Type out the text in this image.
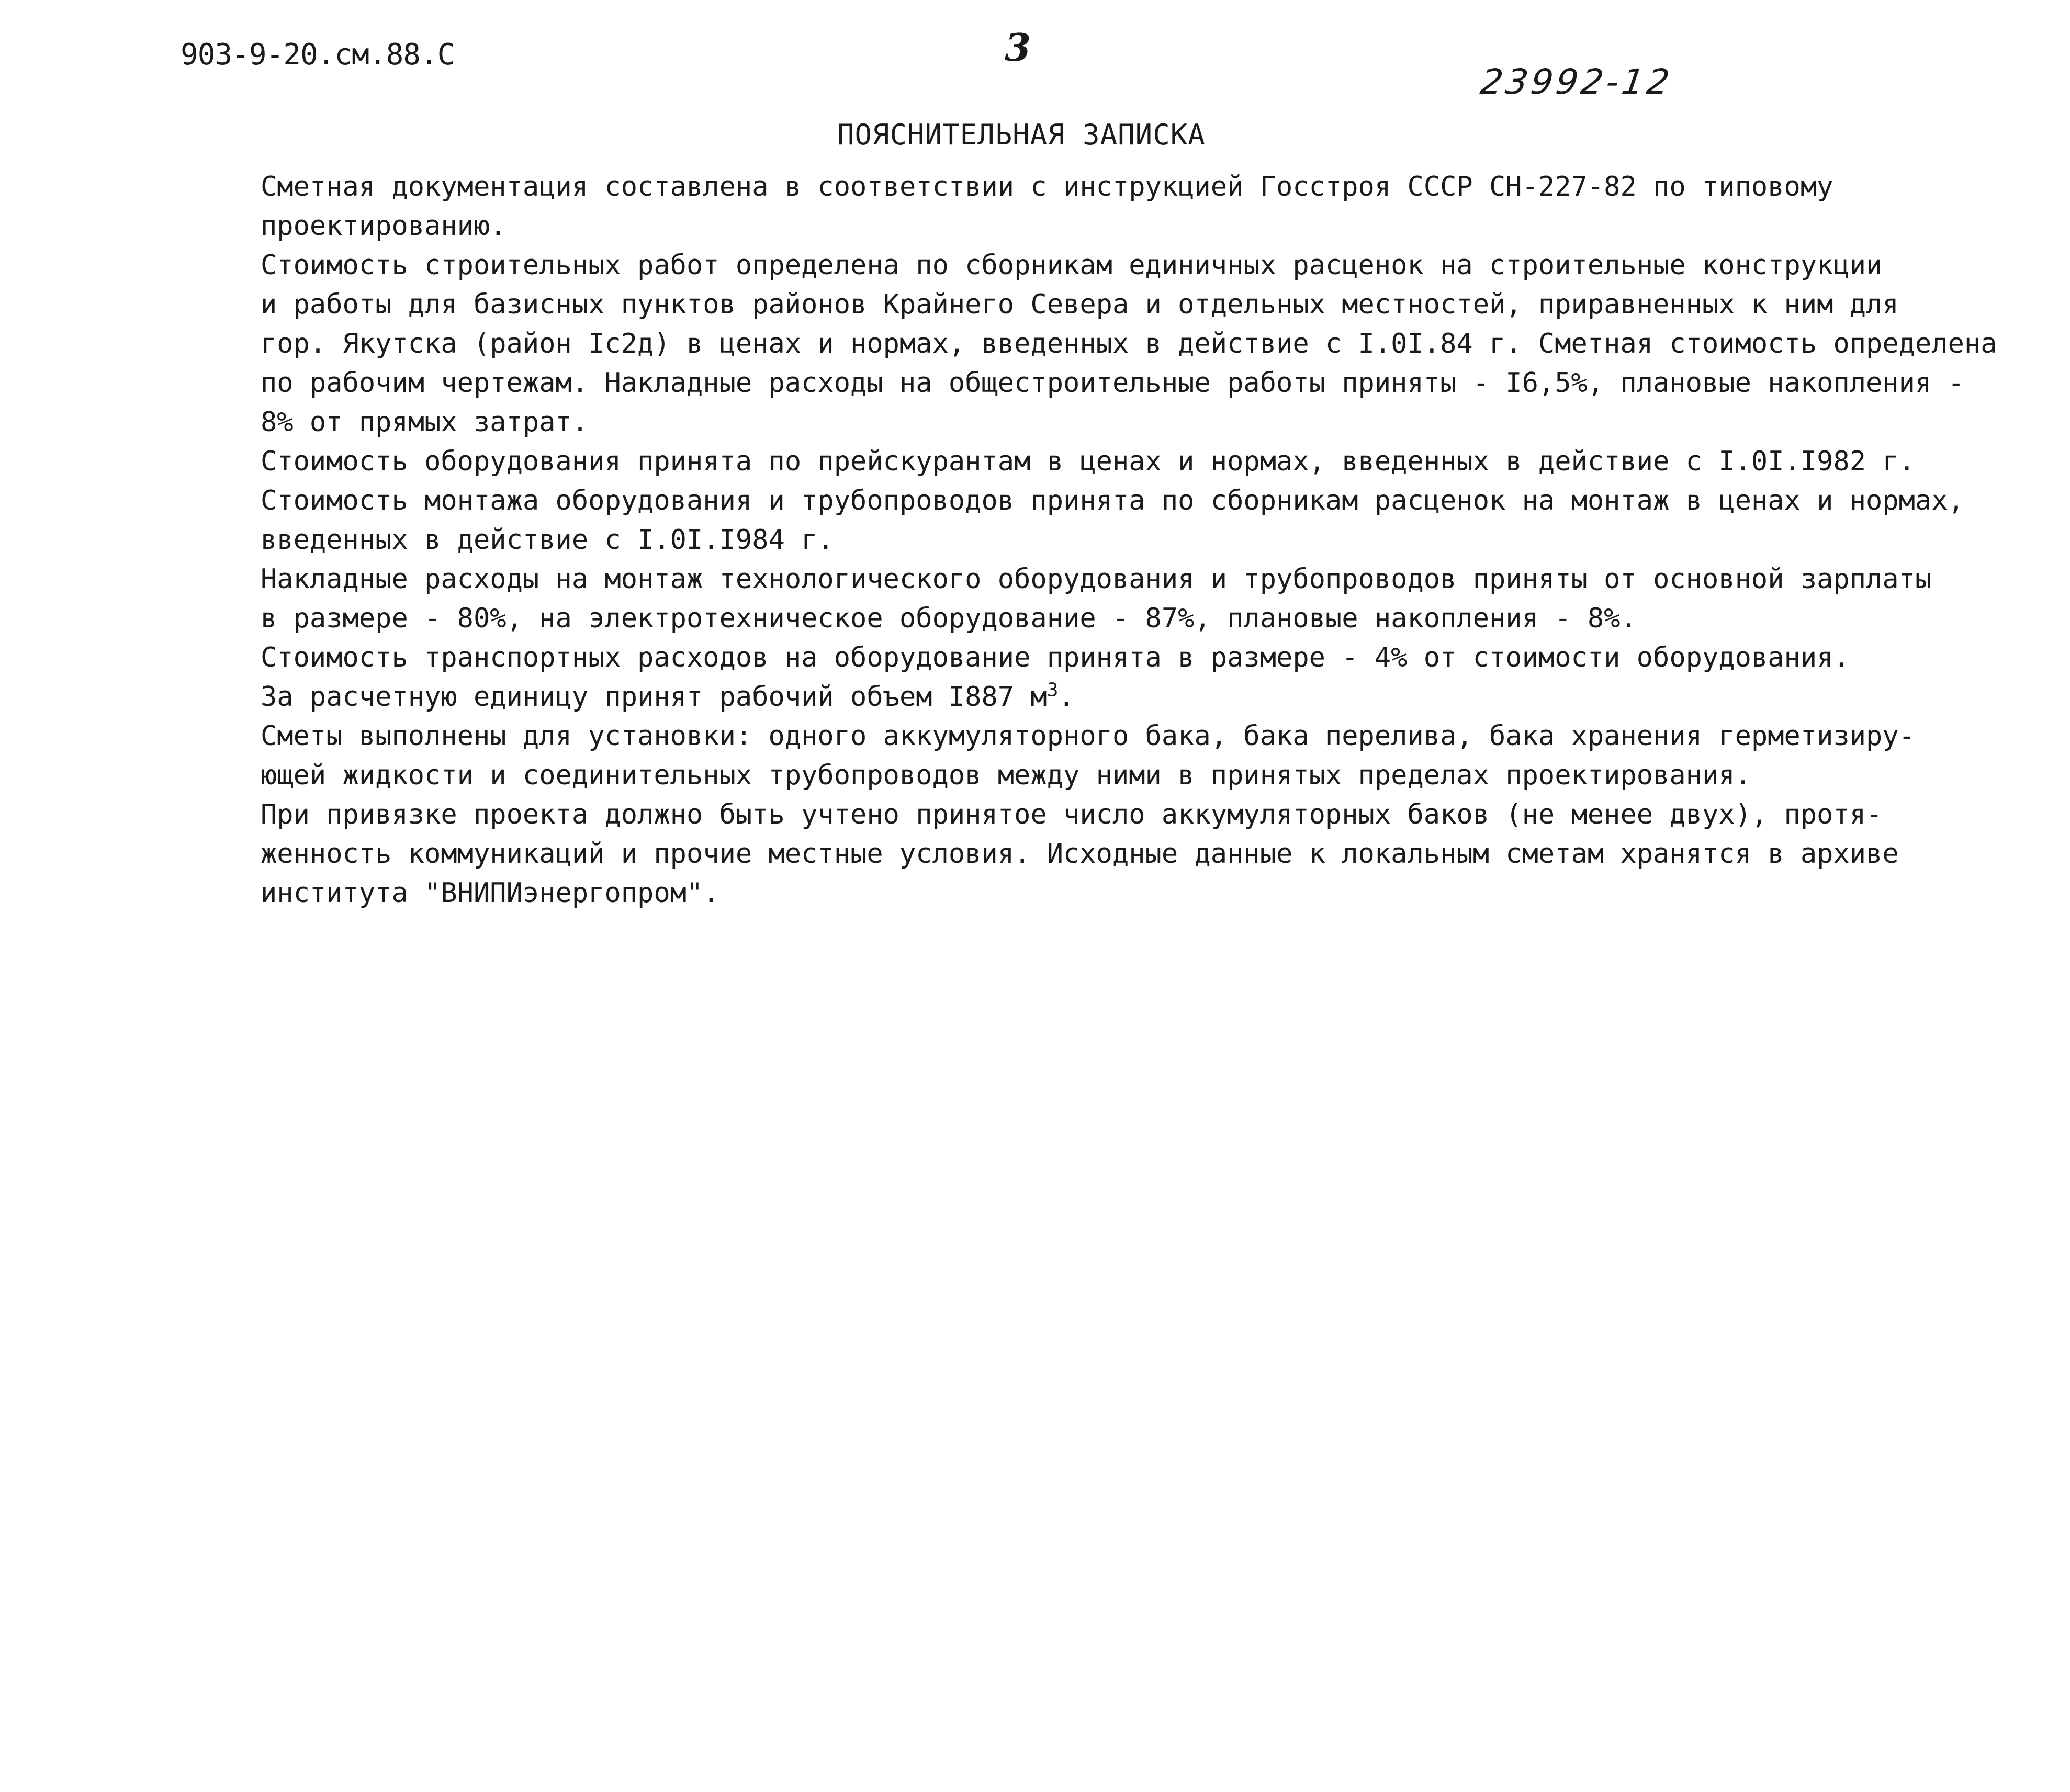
903-9-20.см.88.С	3
23992-12
ПОЯСНИТЕЛЬНАЯ ЗАПИСКА

Сметная документация составлена в соответствии с инструкцией Госстроя СССР СН-227-82 по типовому
проектированию.

Стоимость строительных работ определена по сборникам единичных расценок на строительные конструкции
и работы для базисных пунктов районов Крайнего Севера и отдельных местностей, приравненных к ним для
гор. Якутска (район Iс2д) в ценах и нормах, введенных в действие с I.0I.84 г. Сметная стоимость определена
по рабочим чертежам. Накладные расходы на общестроительные работы приняты - I6,5%, плановые накопления -
8% от прямых затрат.

Стоимость оборудования принята по прейскурантам в ценах и нормах, введенных в действие с I.0I.I982 г.
Стоимость монтажа оборудования и трубопроводов принята по сборникам расценок на монтаж в ценах и нормах,
введенных в действие с I.0I.I984 г.

Накладные расходы на монтаж технологического оборудования и трубопроводов приняты от основной зарплаты
в размере - 80%, на электротехническое оборудование - 87%, плановые накопления - 8%.

Стоимость транспортных расходов на оборудование принята в размере - 4% от стоимости оборудования.
За расчетную единицу принят рабочий объем I887 $м^3$.

Сметы выполнены для установки: одного аккумуляторного бака, бака перелива, бака хранения герметизиру-
ющей жидкости и соединительных трубопроводов между ними в принятых пределах проектирования.

При привязке проекта должно быть учтено принятое число аккумуляторных баков (не менее двух), протя-
женность коммуникаций и прочие местные условия. Исходные данные к локальным сметам хранятся в архиве
института "ВНИПИэнергопром".
